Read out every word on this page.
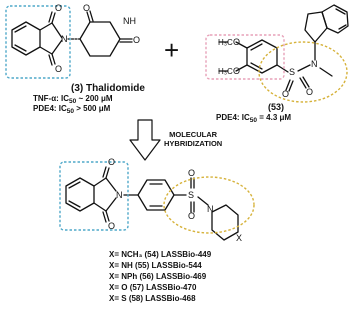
O
O
N
NH
O
O
H₃C
H₃C
O
O	S
O O
N
O
O
N
O
O
S
N
X
+
(3) Thalidomide
TNF-α: $IC_{50}$ ~ 200 μM
PDE4: $IC_{50} > 500$ μM	(53)
PDE4: $IC_{50} = 4.3$ μM
MOLECULAR
HYBRIDIZATION
X= NCH₃ (54) LASSBio-449
X= NH (55) LASSBio-544
X= NPh (56) LASSBio-469
X= O (57) LASSBio-470
X= S (58) LASSBio-468
